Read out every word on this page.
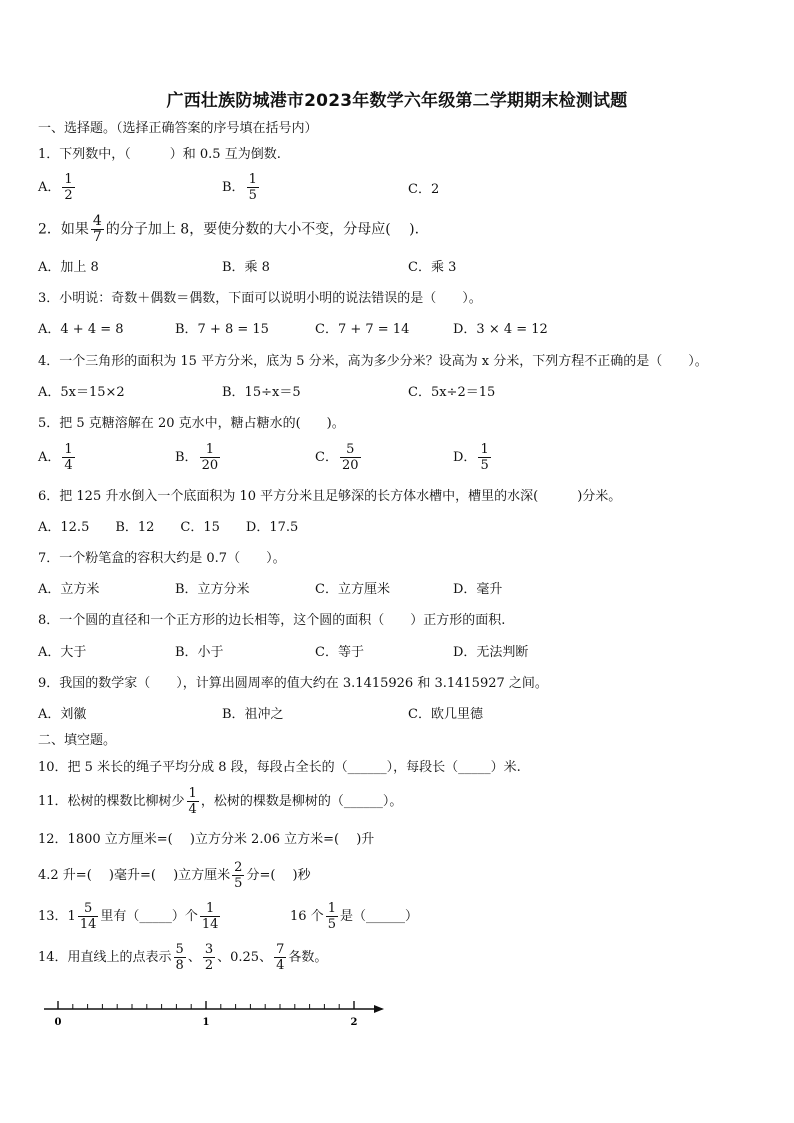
广西壮族防城港市2023年数学六年级第二学期期末检测试题
一、选择题。（选择正确答案的序号填在括号内）
1．下列数中，（　　　）和 0.5 互为倒数.
A． $\frac{1}{2}$	B． $\frac{1}{5}$	C．2
2．如果 $\frac{4}{7}$ 的分子加上 8，要使分数的大小不变，分母应(　 ).
A．加上 8	B．乘 8	C．乘 3
3．小明说：奇数＋偶数＝偶数，下面可以说明小明的说法错误的是（　　）。
A．4 + 4 = 8	B．7 + 8 = 15	C．7 + 7 = 14	D．3 × 4 = 12
4．一个三角形的面积为 15 平方分米，底为 5 分米，高为多少分米？设高为 x 分米，下列方程不正确的是（　　）。
A．5x＝15×2	B．15÷x＝5	C．5x÷2＝15
5．把 5 克糖溶解在 20 克水中，糖占糖水的(　　)。
A． $\frac{1}{4}$	B． $\frac{1}{20}$	C． $\frac{5}{20}$	D． $\frac{1}{5}$
6．把 125 升水倒入一个底面积为 10 平方分米且足够深的长方体水槽中，槽里的水深(　　　)分米。
A．12.5　　B．12　　C．15　　D．17.5
7．一个粉笔盒的容积大约是 0.7（　　）。
A．立方米	B．立方分米	C．立方厘米	D．毫升
8．一个圆的直径和一个正方形的边长相等，这个圆的面积（　　）正方形的面积.
A．大于	B．小于	C．等于	D．无法判断
9．我国的数学家（　　），计算出圆周率的值大约在 3.1415926 和 3.1415927 之间。
A．刘徽	B．祖冲之	C．欧几里德
二、填空题。
10．把 5 米长的绳子平均分成 8 段，每段占全长的（______），每段长（_____）米.
11．松树的棵数比柳树少 $\frac{1}{4}$ ，松树的棵数是柳树的（______）。
12．1800 立方厘米=(　 )立方分米 2.06 立方米=(　 )升
4.2 升=(　 )毫升=(　 )立方厘米 $\frac{2}{5}$ 分=(　 )秒
13．$1 \frac{5}{14}$ 里有（_____）个 $\frac{1}{14}$	16 个 $\frac{1}{5}$ 是（______）
14．用直线上的点表示 $\frac{5}{8}$ 、 $\frac{3}{2}$ 、0.25、 $\frac{7}{4}$ 各数。
0	1	2
